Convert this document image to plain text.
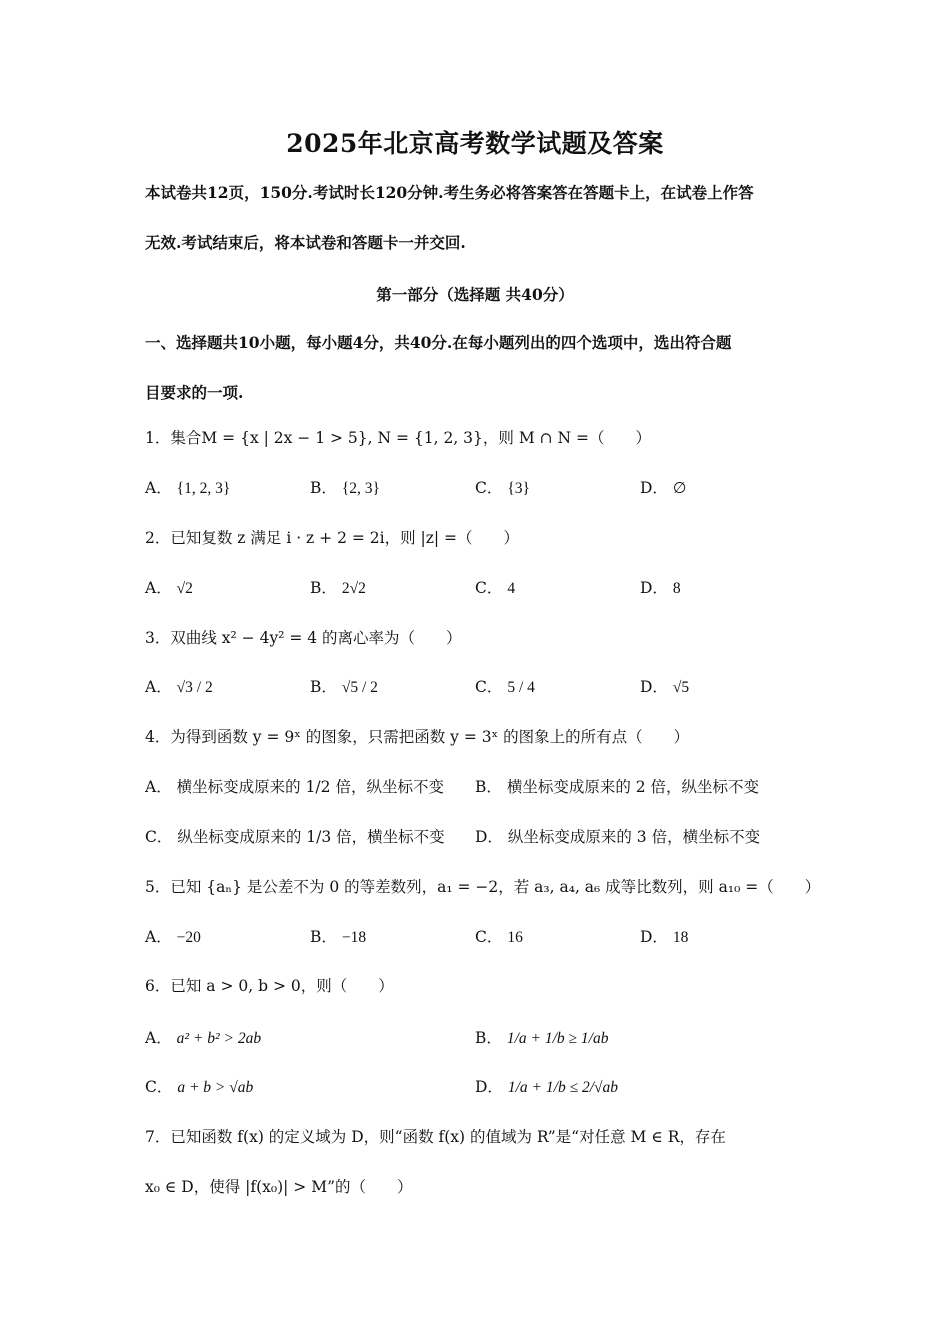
2025年北京高考数学试题及答案
本试卷共12页，150分.考试时长120分钟.考生务必将答案答在答题卡上，在试卷上作答
无效.考试结束后，将本试卷和答题卡一并交回.
第一部分（选择题 共40分）
一、选择题共10小题，每小题4分，共40分.在每小题列出的四个选项中，选出符合题
目要求的一项.
1．集合M = {x | 2x − 1 > 5}, N = {1, 2, 3}，则 M ∩ N =（　　）
A． {1, 2, 3}	B． {2, 3}	C． {3}	D． ∅
2．已知复数 z 满足 i · z + 2 = 2i，则 |z| =（　　）
A． √2	B． 2√2	C． 4	D． 8
3．双曲线 x² − 4y² = 4 的离心率为（　　）
A． √3 / 2	B． √5 / 2	C． 5 / 4	D． √5
4．为得到函数 y = 9ˣ 的图象，只需把函数 y = 3ˣ 的图象上的所有点（　　）
A． 横坐标变成原来的 1/2 倍，纵坐标不变 B． 横坐标变成原来的 2 倍，纵坐标不变
C． 纵坐标变成原来的 1/3 倍，横坐标不变 D． 纵坐标变成原来的 3 倍，横坐标不变
5．已知 {aₙ} 是公差不为 0 的等差数列，a₁ = −2，若 a₃, a₄, a₆ 成等比数列，则 a₁₀ =（　　）
A． −20	B． −18	C． 16	D． 18
6．已知 a > 0, b > 0，则（　　）
A． a² + b² > 2ab	B． 1/a + 1/b ≥ 1/ab
C． a + b > √ab	D． 1/a + 1/b ≤ 2/√ab
7．已知函数 f(x) 的定义域为 D，则“函数 f(x) 的值域为 R”是“对任意 M ∈ R，存在
x₀ ∈ D，使得 |f(x₀)| > M”的（　　）
